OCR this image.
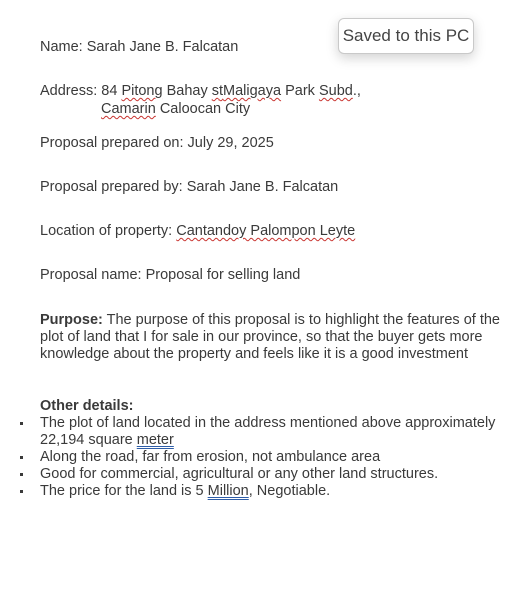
Name: Sarah Jane B. Falcatan
Address: 84 Pitong Bahay stMaligaya Park Subd.,
Camarin Caloocan City
Proposal prepared on: July 29, 2025
Proposal prepared by: Sarah Jane B. Falcatan
Location of property: Cantandoy Palompon Leyte
Proposal name: Proposal for selling land
Purpose: The purpose of this proposal is to highlight the features of the plot of land that I for sale in our province, so that the buyer gets more knowledge about the property and feels like it is a good investment
Other details:
The plot of land located in the address mentioned above approximately 22,194 square meter
Along the road, far from erosion, not ambulance area
Good for commercial, agricultural or any other land structures.
The price for the land is 5 Million, Negotiable.
Saved to this PC
